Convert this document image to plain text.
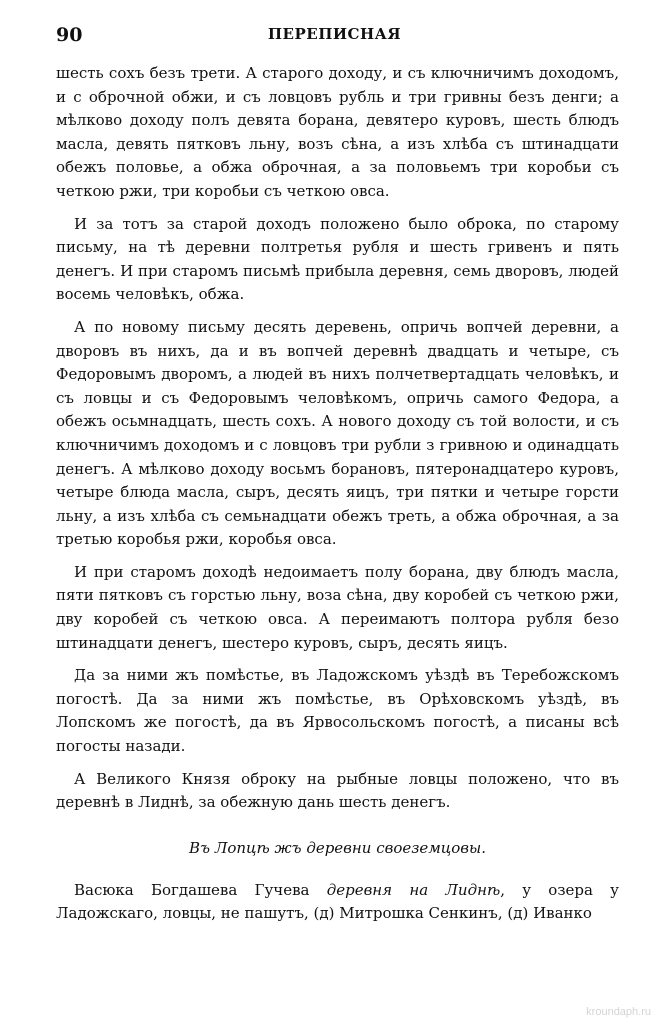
90	ПЕРЕПИСНАЯ

шесть сохъ безъ трети. А старого доходу, и съ ключничимъ доходомъ, и с оброчной обжи, и съ ловцовъ рубль и три гривны безъ денги; а мѣлково доходу полъ девята борана, девятеро куровъ, шесть блюдъ масла, девять пятковъ льну, возъ сѣна, а изъ хлѣба съ штинадцати обежъ половье, а обжа оброчная, а за половьемъ три коробьи съ четкою ржи, три коробьи съ четкою овса.

И за тотъ за старой доходъ положено было оброка, по старому письму, на тѣ деревни полтретья рубля и шесть гривенъ и пять денегъ. И при старомъ письмѣ прибыла деревня, семь дворовъ, людей восемь человѣкъ, обжа.

А по новому письму десять деревень, опричь вопчей деревни, а дворовъ въ нихъ, да и въ вопчей деревнѣ двадцать и четыре, съ Федоровымъ дворомъ, а людей въ нихъ полчетвертадцать человѣкъ, и съ ловцы и съ Федоровымъ человѣкомъ, опричь самого Федора, а обежъ осьмнадцать, шесть сохъ. А нового доходу съ той волости, и съ ключничимъ доходомъ и с ловцовъ три рубли з гривною и одинадцать денегъ. А мѣлково доходу восьмъ борановъ, пятеронадцатеро куровъ, четыре блюда масла, сыръ, десять яицъ, три пятки и четыре горсти льну, а изъ хлѣба съ семьнадцати обежъ треть, а обжа оброчная, а за третью коробья ржи, коробья овса.

И при старомъ доходѣ недоимаетъ полу борана, дву блюдъ масла, пяти пятковъ съ горстью льну, воза сѣна, дву коробей съ четкою ржи, дву коробей съ четкою овса. А переимаютъ полтора рубля безо штинадцати денегъ, шестеро куровъ, сыръ, десять яицъ.

Да за ними жъ помѣстье, въ Ладожскомъ уѣздѣ въ Теребожскомъ погостѣ. Да за ними жъ помѣстье, въ Орѣховскомъ уѣздѣ, въ Лопскомъ же погостѣ, да въ Ярвосольскомъ погостѣ, а писаны всѣ погосты назади.

А Великого Князя оброку на рыбные ловцы положено, что въ деревнѣ в Лиднѣ, за обежную дань шесть денегъ.

Въ Лопцѣ жъ деревни своеземцовы.

Васюка Богдашева Гучева деревня на Лиднѣ, у озера у Ладожскаго, ловцы, не пашутъ, (д) Митрошка Сенкинъ, (д) Иванко

kroundaph.ru
